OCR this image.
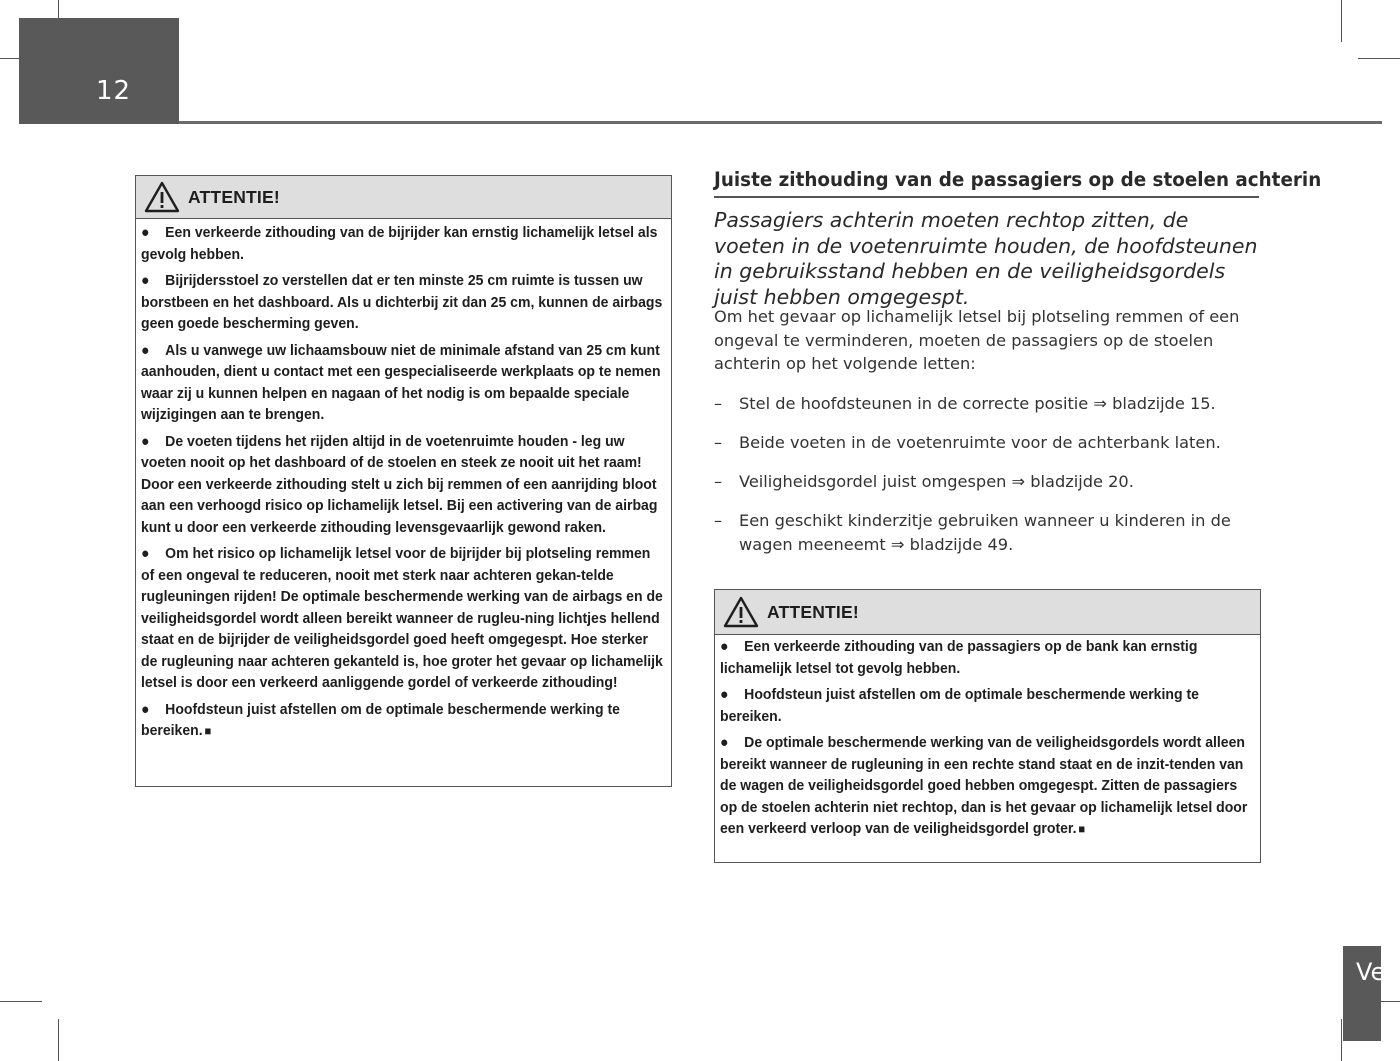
12
ATTENTIE!

● Een verkeerde zithouding van de bijrijder kan ernstig lichamelijk letsel als gevolg hebben.

● Bijrijdersstoel zo verstellen dat er ten minste 25 cm ruimte is tussen uw borstbeen en het dashboard. Als u dichterbij zit dan 25 cm, kunnen de airbags geen goede bescherming geven.

● Als u vanwege uw lichaamsbouw niet de minimale afstand van 25 cm kunt aanhouden, dient u contact met een gespecialiseerde werkplaats op te nemen waar zij u kunnen helpen en nagaan of het nodig is om bepaalde speciale wijzigingen aan te brengen.

● De voeten tijdens het rijden altijd in de voetenruimte houden - leg uw voeten nooit op het dashboard of de stoelen en steek ze nooit uit het raam! Door een verkeerde zithouding stelt u zich bij remmen of een aanrijding bloot aan een verhoogd risico op lichamelijk letsel. Bij een activering van de airbag kunt u door een verkeerde zithouding levensgevaarlijk gewond raken.

● Om het risico op lichamelijk letsel voor de bijrijder bij plotseling remmen of een ongeval te reduceren, nooit met sterk naar achteren gekan-telde rugleuningen rijden! De optimale beschermende werking van de airbags en de veiligheidsgordel wordt alleen bereikt wanneer de rugleu-ning lichtjes hellend staat en de bijrijder de veiligheidsgordel goed heeft omgegespt. Hoe sterker de rugleuning naar achteren gekanteld is, hoe groter het gevaar op lichamelijk letsel is door een verkeerd aanliggende gordel of verkeerde zithouding!

● Hoofdsteun juist afstellen om de optimale beschermende werking te bereiken. ■

Juiste zithouding van de passagiers op de stoelen achterin
Passagiers achterin moeten rechtop zitten, de voeten in de voetenruimte houden, de hoofdsteunen in gebruiksstand hebben en de veiligheidsgordels juist hebben omgegespt.
Om het gevaar op lichamelijk letsel bij plotseling remmen of een ongeval te verminderen, moeten de passagiers op de stoelen achterin op het volgende letten:
– Stel de hoofdsteunen in de correcte positie ⇒ bladzijde 15.
– Beide voeten in de voetenruimte voor de achterbank laten.
– Veiligheidsgordel juist omgespen ⇒ bladzijde 20.
– Een geschikt kinderzitje gebruiken wanneer u kinderen in de wagen meeneemt ⇒ bladzijde 49.
ATTENTIE!

● Een verkeerde zithouding van de passagiers op de bank kan ernstig lichamelijk letsel tot gevolg hebben.

● Hoofdsteun juist afstellen om de optimale beschermende werking te bereiken.

● De optimale beschermende werking van de veiligheidsgordels wordt alleen bereikt wanneer de rugleuning in een rechte stand staat en de inzit-tenden van de wagen de veiligheidsgordel goed hebben omgegespt. Zitten de passagiers op de stoelen achterin niet rechtop, dan is het gevaar op lichamelijk letsel door een verkeerd verloop van de veiligheidsgordel groter. ■

Ve
